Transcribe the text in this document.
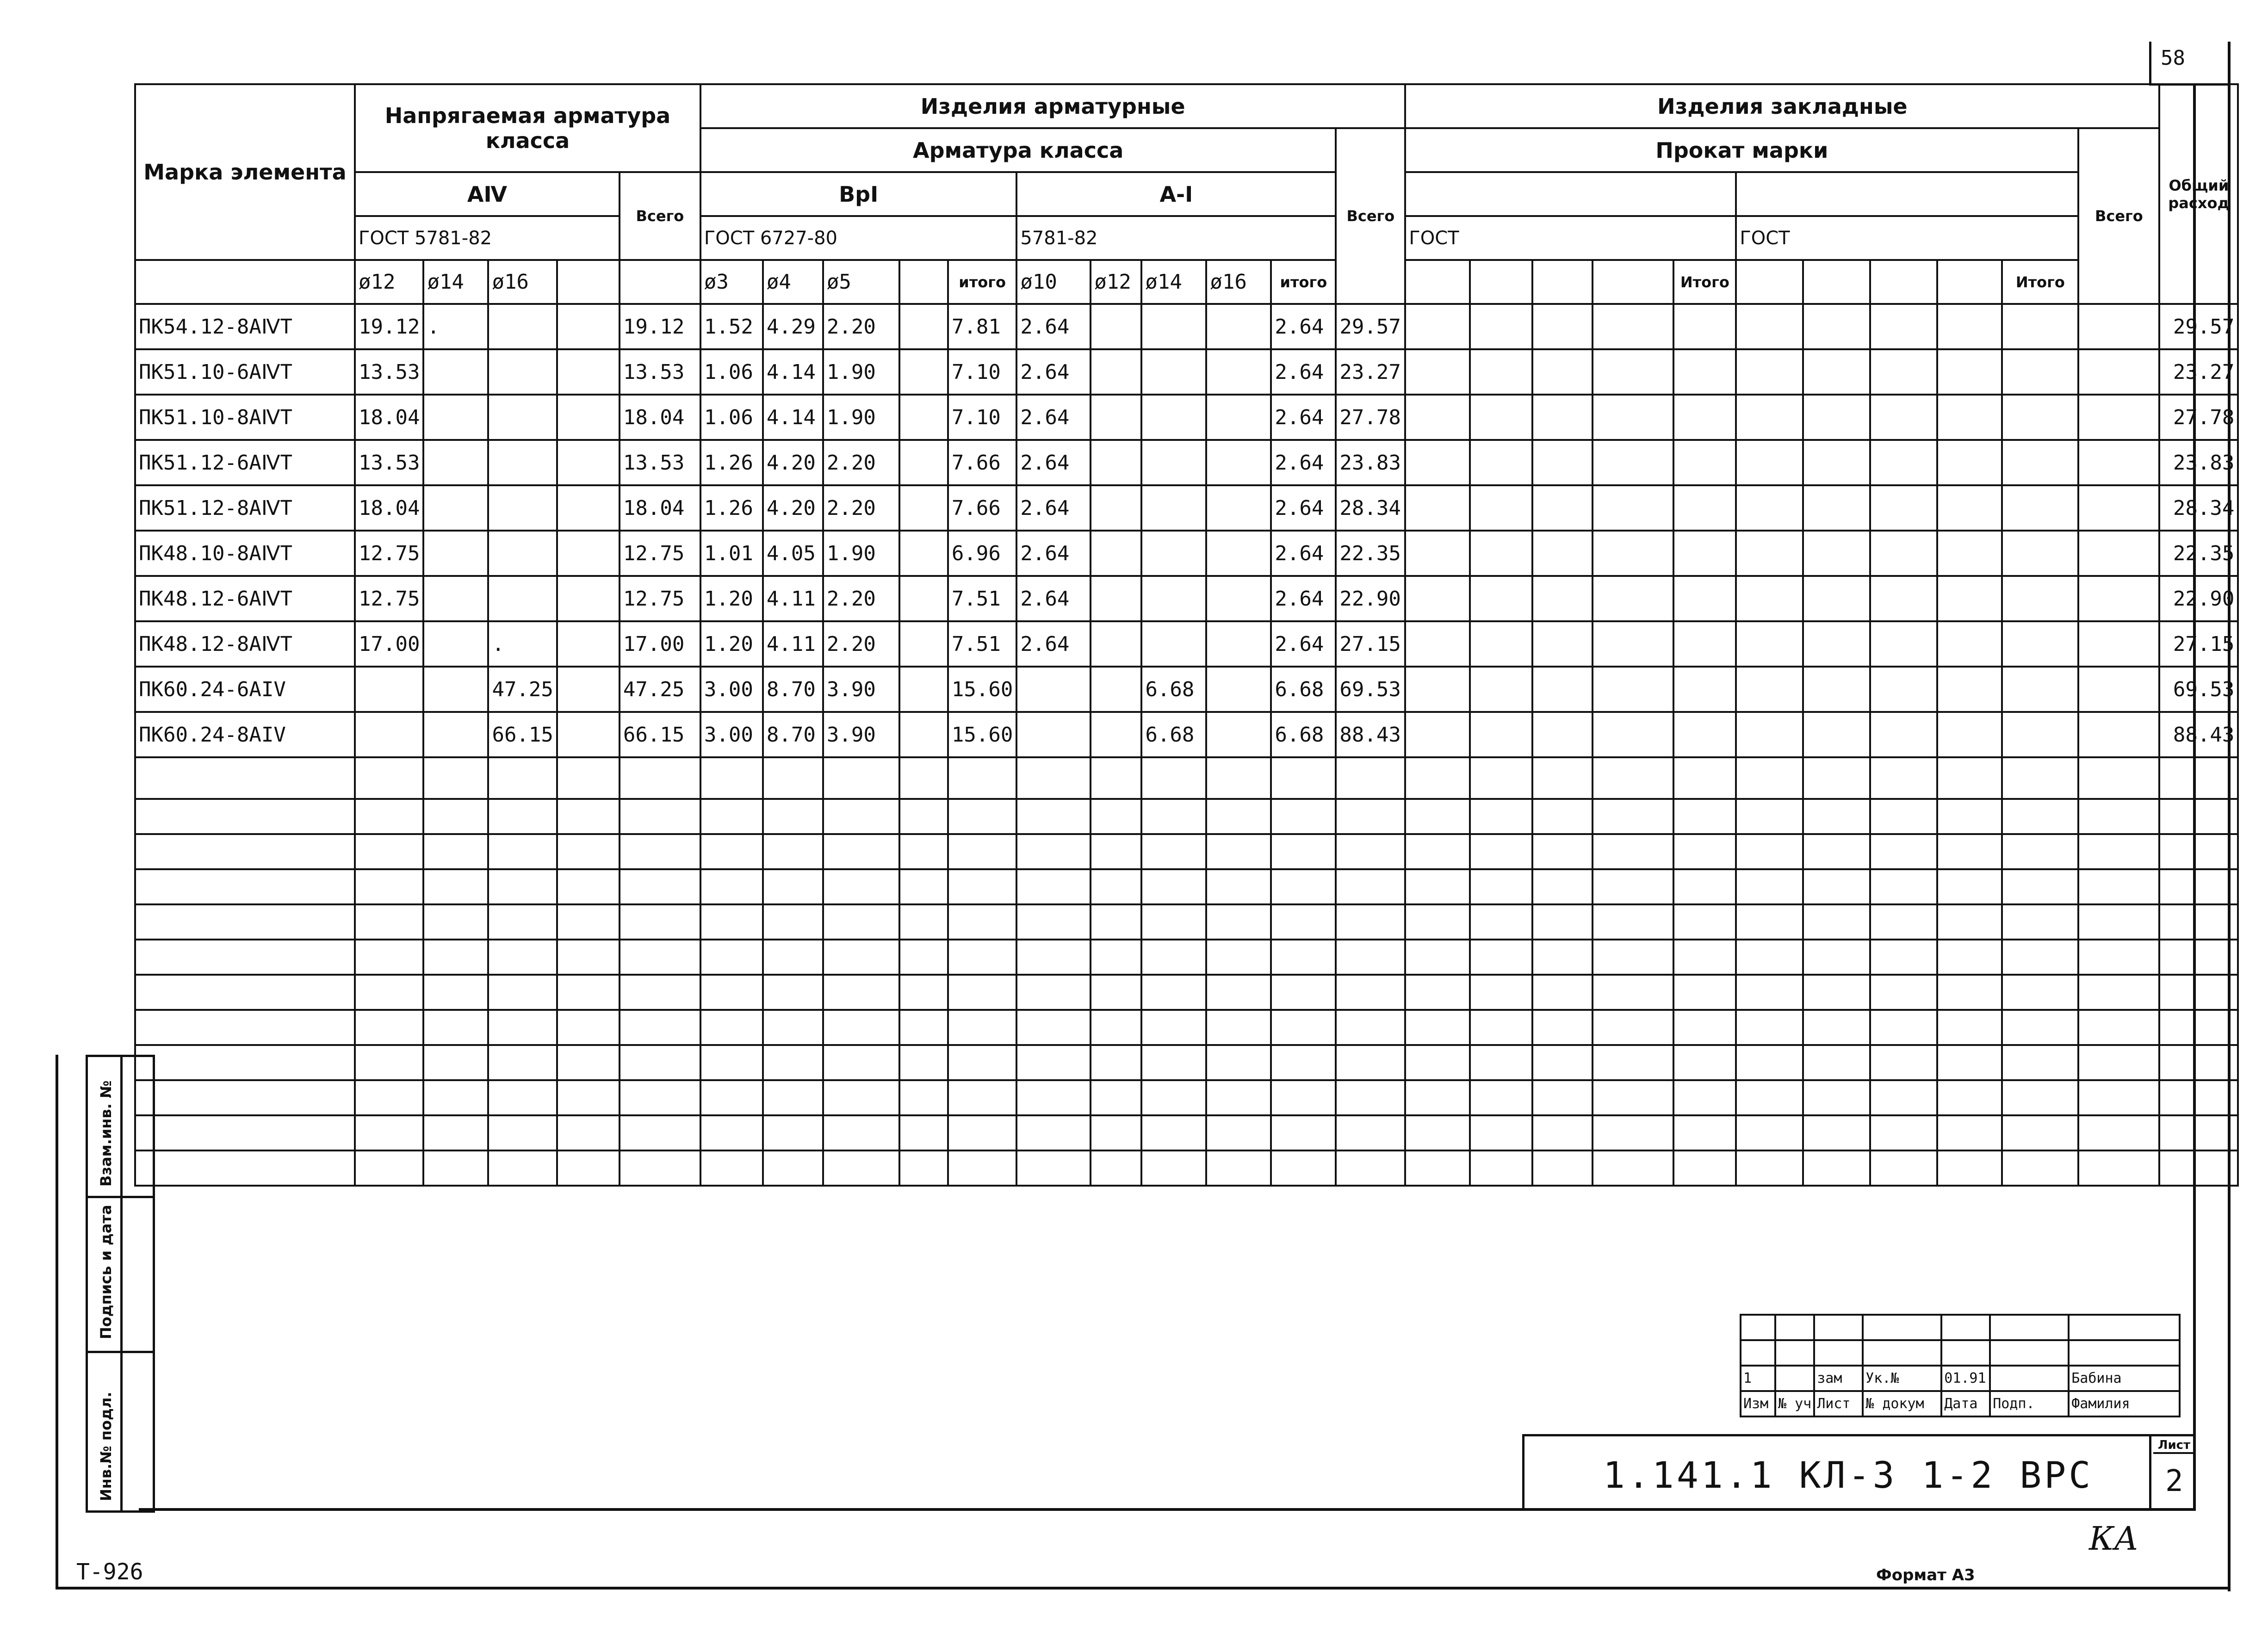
58
Марка элемента	Напрягаемая арматура класса					Изделия арматурные											Изделия закладные											Общий расход
						Арматура класса										Всего	Прокат марки										Всего	
	АⅣ				Всего	ВрI					А-I																	
	ГОСТ 5781-82					ГОСТ 6727-80					5781-82						ГОСТ					ГОСТ						
	ø12	ø14	ø16			ø3	ø4	ø5		итого	ø10	ø12	ø14	ø16	итого						Итого					Итого		
ПК54.12-8АⅣТ	19.12	.			19.12	1.52	4.29	2.20		7.81	2.64				2.64	29.57												29.57
ПК51.10-6АⅣТ	13.53				13.53	1.06	4.14	1.90		7.10	2.64				2.64	23.27												23.27
ПК51.10-8АⅣТ	18.04				18.04	1.06	4.14	1.90		7.10	2.64				2.64	27.78												27.78
ПК51.12-6АⅣТ	13.53				13.53	1.26	4.20	2.20		7.66	2.64				2.64	23.83												23.83
ПК51.12-8АⅣТ	18.04				18.04	1.26	4.20	2.20		7.66	2.64				2.64	28.34												28.34
ПК48.10-8АⅣТ	12.75				12.75	1.01	4.05	1.90		6.96	2.64				2.64	22.35												22.35
ПК48.12-6АⅣТ	12.75				12.75	1.20	4.11	2.20		7.51	2.64				2.64	22.90												22.90
ПК48.12-8АⅣТ	17.00		.		17.00	1.20	4.11	2.20		7.51	2.64				2.64	27.15												27.15
ПК60.24-6АIV			47.25		47.25	3.00	8.70	3.90		15.60			6.68		6.68	69.53												69.53
ПК60.24-8АIV			66.15		66.15	3.00	8.70	3.90		15.60			6.68		6.68	88.43												88.43

Взам.инв. №
Подпись и дата
Инв.№ подл.

1		зам	Ук.№	01.91		Бабина
Изм	№ уч	Лист	№ докум	Дата	Подп.	Фамилия
1.141.1 КЛ-3 1-2 ВРС
Лист
2
T-926	Формат А3
КА
